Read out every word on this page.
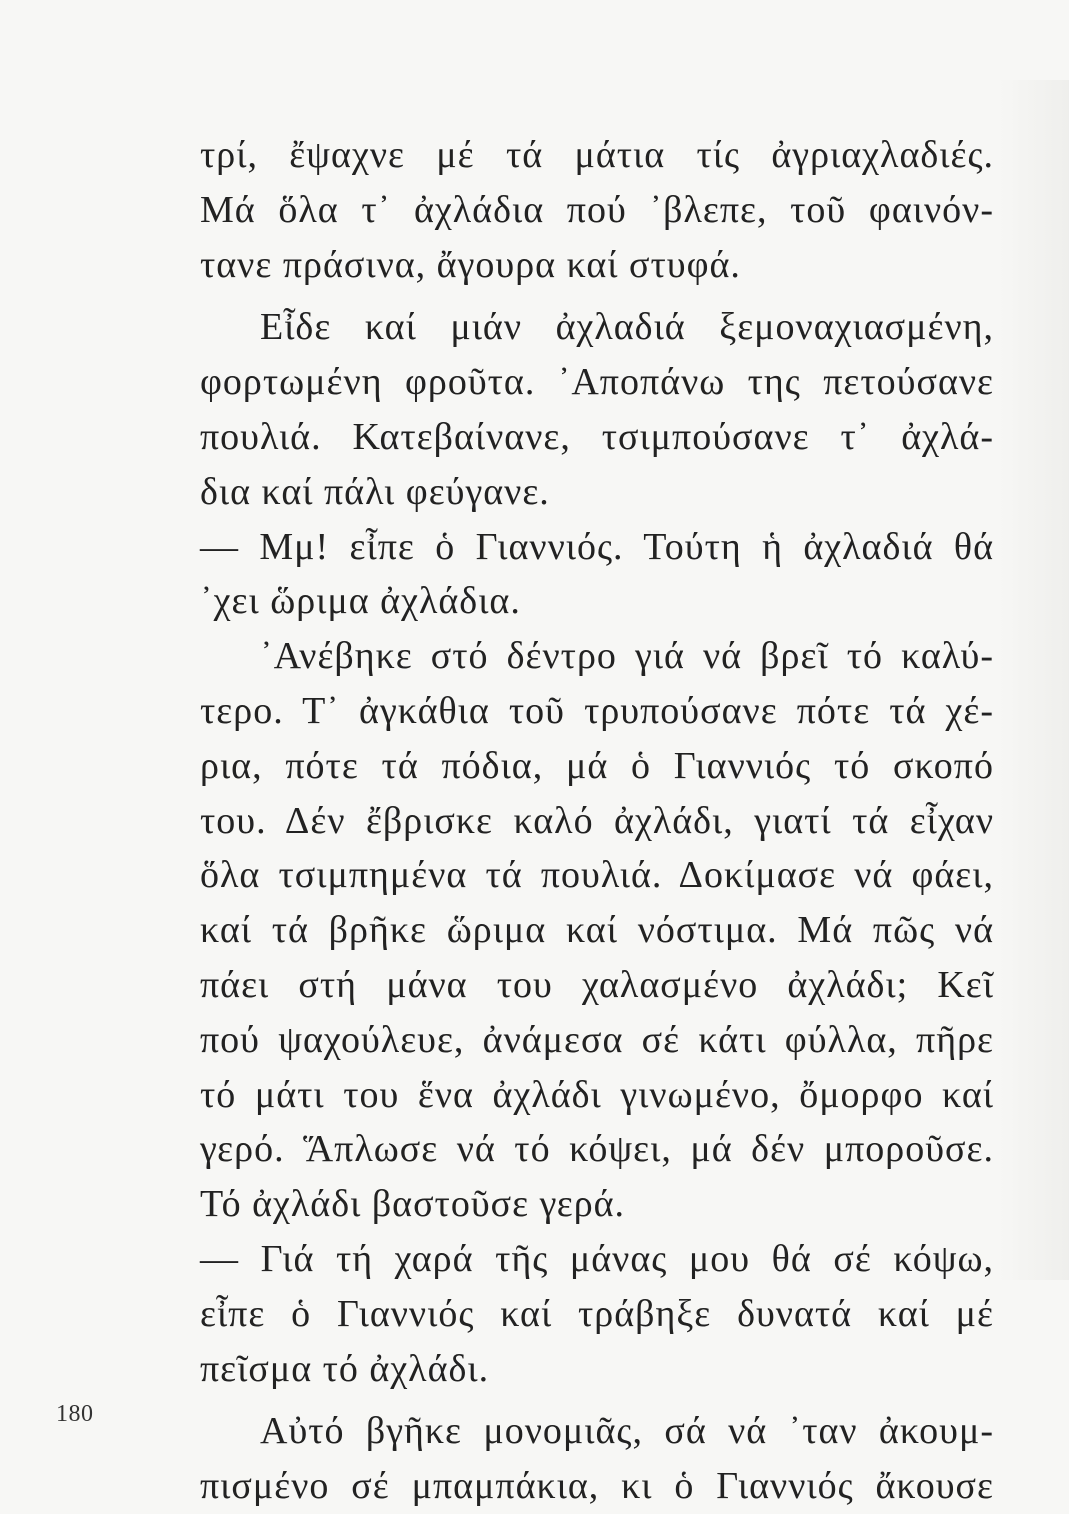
τρί, ἔψαχνε μέ τά μάτια τίς ἀγριαχλαδιές.
Μά ὅλα τ᾽ ἀχλάδια πού ᾽βλεπε, τοῦ φαινόν-
τανε πράσινα, ἄγουρα καί στυφά.
Εἶδε καί μιάν ἀχλαδιά ξεμοναχιασμένη,
φορτωμένη φροῦτα. ᾽Αποπάνω της πετούσανε
πουλιά. Κατεβαίνανε, τσιμπούσανε τ᾽ ἀχλά-
δια καί πάλι φεύγανε.
— Μμ! εἶπε ὁ Γιαννιός. Τούτη ἡ ἀχλαδιά θά
᾽χει ὥριμα ἀχλάδια.
᾽Ανέβηκε στό δέντρο γιά νά βρεῖ τό καλύ-
τερο. Τ᾽ ἀγκάθια τοῦ τρυπούσανε πότε τά χέ-
ρια, πότε τά πόδια, μά ὁ Γιαννιός τό σκοπό
του. Δέν ἔβρισκε καλό ἀχλάδι, γιατί τά εἶχαν
ὅλα τσιμπημένα τά πουλιά. Δοκίμασε νά φάει,
καί τά βρῆκε ὥριμα καί νόστιμα. Μά πῶς νά
πάει στή μάνα του χαλασμένο ἀχλάδι; Κεῖ
πού ψαχούλευε, ἀνάμεσα σέ κάτι φύλλα, πῆρε
τό μάτι του ἕνα ἀχλάδι γινωμένο, ὄμορφο καί
γερό. Ἅπλωσε νά τό κόψει, μά δέν μποροῦσε.
Τό ἀχλάδι βαστοῦσε γερά.
— Γιά τή χαρά τῆς μάνας μου θά σέ κόψω,
εἶπε ὁ Γιαννιός καί τράβηξε δυνατά καί μέ
πεῖσμα τό ἀχλάδι.
Αὐτό βγῆκε μονομιᾶς, σά νά ᾽ταν ἀκουμ-
πισμένο σέ μπαμπάκια, κι ὁ Γιαννιός ἄκουσε
180
